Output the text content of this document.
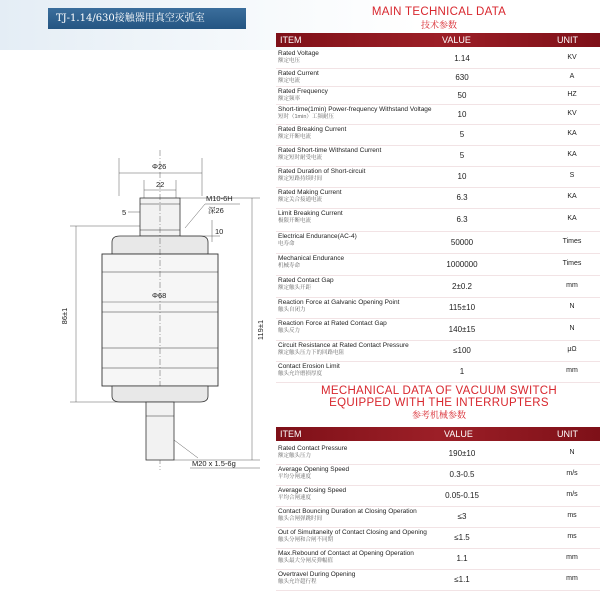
TJ-1.14/630接触器用真空灭弧室
Φ26
22
M10-6H
深26
5
10
Φ68
86±1
119±1
M20 x 1.5-6g
MAIN TECHNICAL DATA
技术参数
ITEM	VALUE	UNIT
Rated Voltage
额定电压	1.14	KV
Rated Current
额定电流	630	A
Rated Frequency
额定频率	50	HZ
Short-time(1min) Power-frequency Withstand Voltage
短时（1min）工频耐压	10	KV
Rated Breaking Current
额定开断电流	5	KA
Rated Short-time Withstand Current
额定短时耐受电流	5	KA
Rated Duration of Short-circuit
额定短路持续时间	10	S
Rated Making Current
额定关合接通电流	6.3	KA
Limit Breaking Current
极限开断电流	6.3	KA
Electrical Endurance(AC-4)
电寿命	50000	Times
Mechanical Endurance
机械寿命	1000000	Times
Rated Contact Gap
额定触头开距	2±0.2	mm
Reaction Force at Galvanic Opening Point
触头自闭力	115±10	N
Reaction Force at Rated Contact Gap
触头反力	140±15	N
Circuit Resistance at Rated Contact Pressure
额定触头压力下的回路电阻	≤100	μΩ
Contact Erosion Limit
触头允许磨损厚度	1	mm
MECHANICAL DATA OF VACUUM SWITCH
EQUIPPED WITH THE INTERRUPTERS
参考机械参数
ITEM	VALUE	UNIT
Rated Contact Pressure
额定触头压力	190±10	N
Average Opening Speed
平均分闸速度	0.3-0.5	m/s
Average Closing Speed
平均合闸速度	0.05-0.15	m/s
Contact Bouncing Duration at Closing Operation
触头合闸弹跳时间	≤3	ms
Out of Simultaneity of Contact Closing and Opening
触头分闸和合闸不同期	≤1.5	ms
Max.Rebound of Contact at Opening Operation
触头最大分闸反弹幅值	1.1	mm
Overtravel During Opening
触头允许超行程	≤1.1	mm
